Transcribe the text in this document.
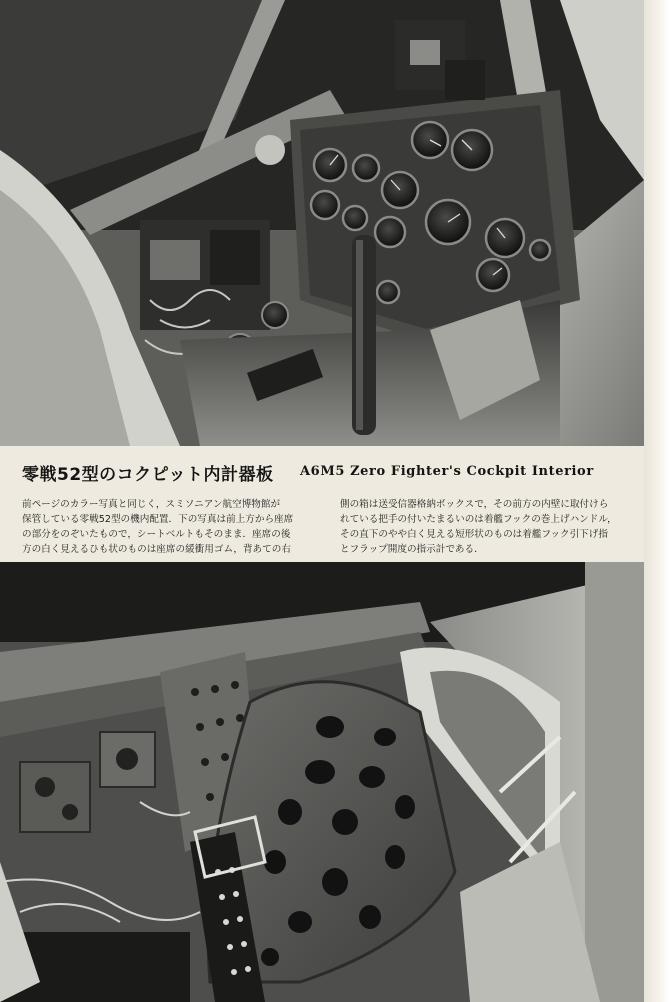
零戦52型のコクピット内計器板 A6M5 Zero Fighter's Cockpit Interior
前ページのカラー写真と同じく，スミソニアン航空博物館が
保管している零戦52型の機内配置．下の写真は前上方から座席
の部分をのぞいたもので，シートベルトもそのまま．座席の後
方の白く見えるひも状のものは座席の緩衝用ゴム，背あての右
側の箱は送受信器格納ボックスで，その前方の内壁に取付けら
れている把手の付いたまるいのは着艦フックの巻上げハンドル，
その直下のやや白く見える短形状のものは着艦フック引下げ指
とフラップ開度の指示計である．
